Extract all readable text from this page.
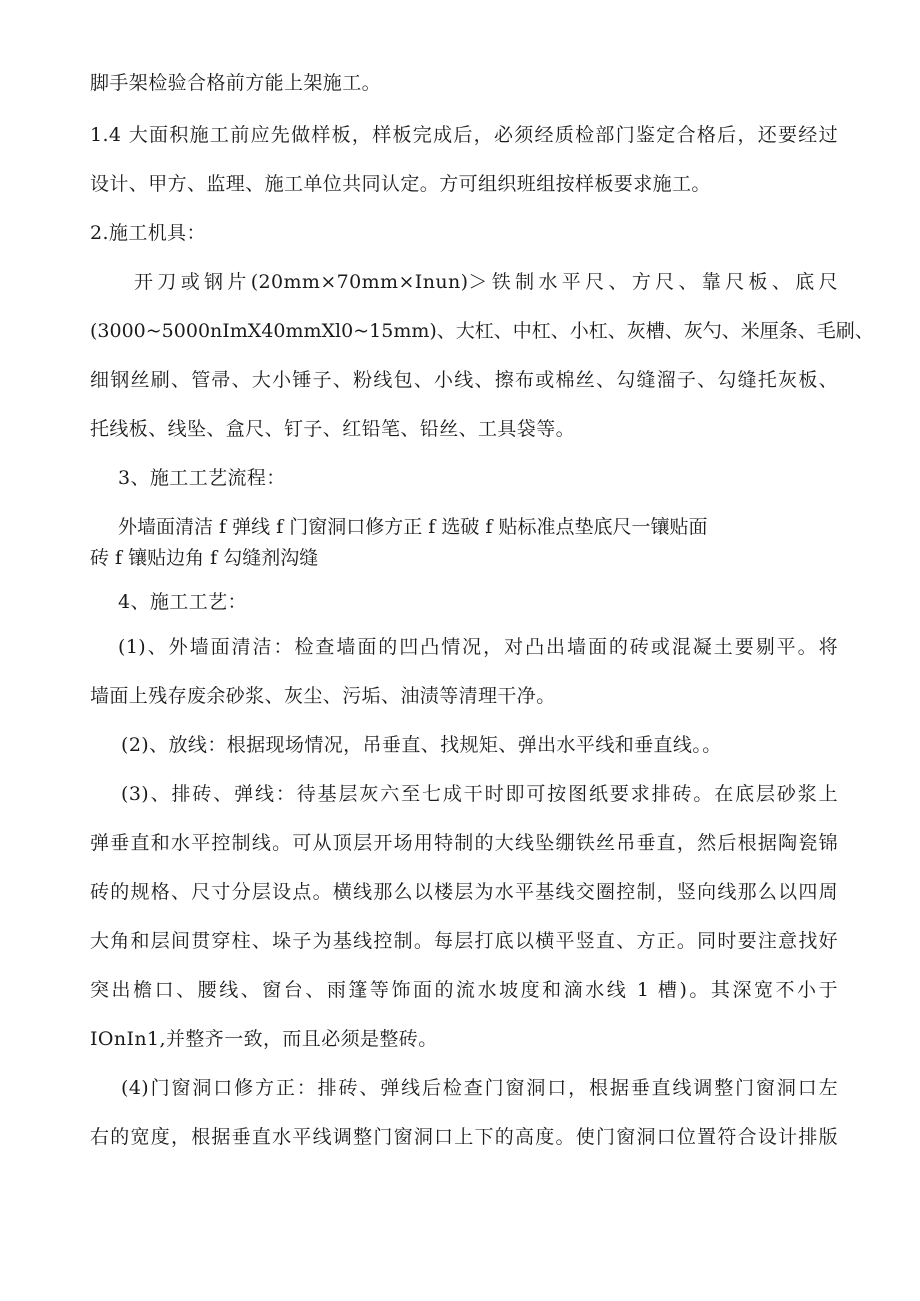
脚手架检验合格前方能上架施工。
1.4 大面积施工前应先做样板，样板完成后，必须经质检部门鉴定合格后，还要经过
设计、甲方、监理、施工单位共同认定。方可组织班组按样板要求施工。
2.施工机具：
开刀或钢片(20mm×70mm×Inun)＞铁制水平尺、方尺、靠尺板、底尺
(3000~5000nImX40mmXl0~15mm)、大杠、中杠、小杠、灰槽、灰勺、米厘条、毛刷、
细钢丝刷、管帚、大小锤子、粉线包、小线、擦布或棉丝、勾缝溜子、勾缝托灰板、
托线板、线坠、盒尺、钉子、红铅笔、铅丝、工具袋等。
3、施工工艺流程：
外墙面清洁 f 弹线 f 门窗洞口修方正 f 选破 f 贴标准点垫底尺一镶贴面
砖 f 镶贴边角 f 勾缝剂沟缝
4、施工工艺：
(1)、外墙面清洁：检查墙面的凹凸情况，对凸出墙面的砖或混凝土要剔平。将
墙面上残存废余砂浆、灰尘、污垢、油渍等清理干净。
(2)、放线：根据现场情况，吊垂直、找规矩、弹出水平线和垂直线。。
(3)、排砖、弹线：待基层灰六至七成干时即可按图纸要求排砖。在底层砂浆上
弹垂直和水平控制线。可从顶层开场用特制的大线坠绷铁丝吊垂直，然后根据陶瓷锦
砖的规格、尺寸分层设点。横线那么以楼层为水平基线交圈控制，竖向线那么以四周
大角和层间贯穿柱、垛子为基线控制。每层打底以横平竖直、方正。同时要注意找好
突出檐口、腰线、窗台、雨篷等饰面的流水坡度和滴水线 1 槽)。其深宽不小于
IOnIn1,并整齐一致，而且必须是整砖。
(4)门窗洞口修方正：排砖、弹线后检查门窗洞口，根据垂直线调整门窗洞口左
右的宽度，根据垂直水平线调整门窗洞口上下的高度。使门窗洞口位置符合设计排版
